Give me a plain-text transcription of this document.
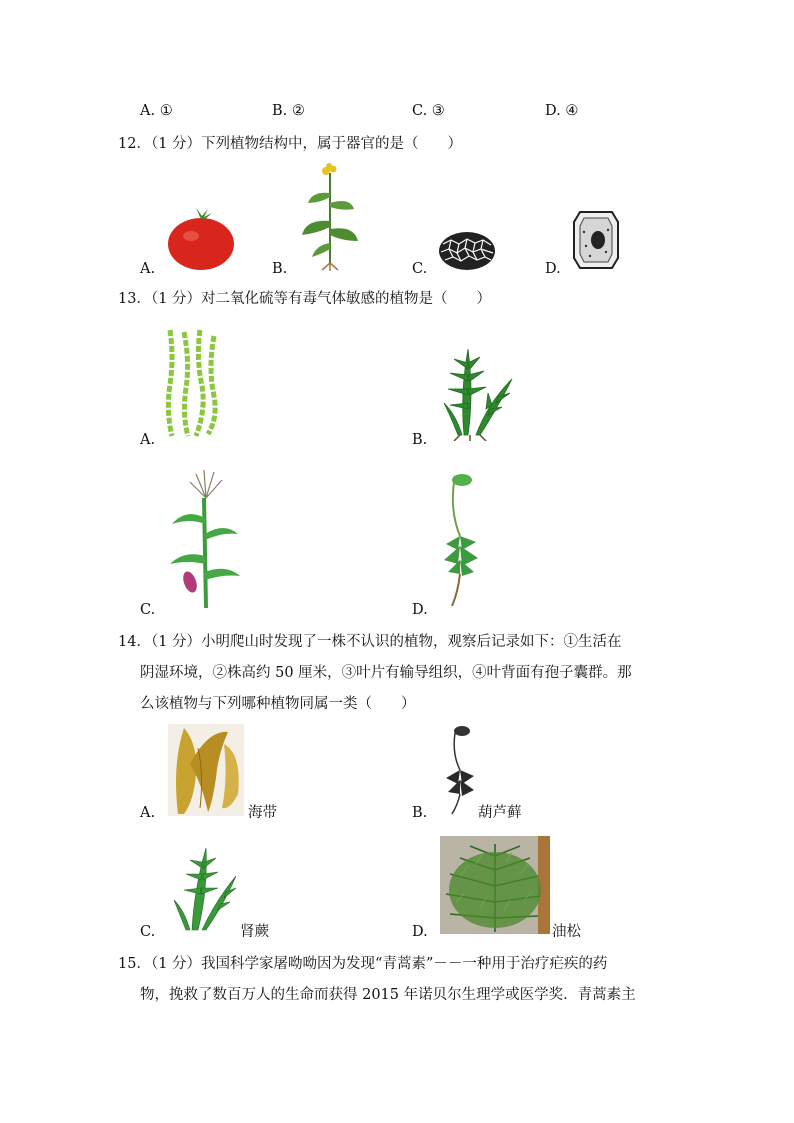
A. ①	B. ②	C. ③	D. ④
12．（1 分）下列植物结构中，属于器官的是（　　）
A.	B.	C.	D.
13．（1 分）对二氧化硫等有毒气体敏感的植物是（　　）
A.	B.
C.	D.
14．（1 分）小明爬山时发现了一株不认识的植物，观察后记录如下：①生活在
阴湿环境，②株高约 50 厘米，③叶片有输导组织，④叶背面有孢子囊群。那
么该植物与下列哪种植物同属一类（　　）
A.	海带	B.	葫芦藓
C.	肾蕨	D.	油松
15．（1 分）我国科学家屠呦呦因为发现“青蒿素”－－一种用于治疗疟疾的药
物，挽救了数百万人的生命而获得 2015 年诺贝尔生理学或医学奖．青蒿素主
